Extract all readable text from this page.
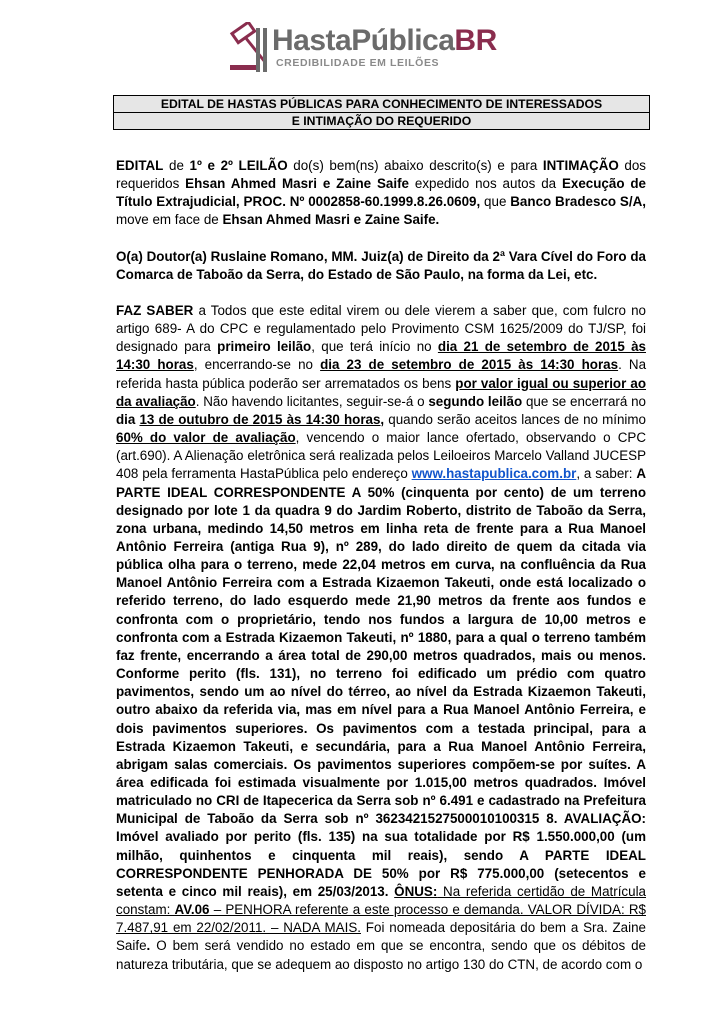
HastaPúblicaBR
CREDIBILIDADE EM LEILÕES
EDITAL DE HASTAS PÚBLICAS PARA CONHECIMENTO DE INTERESSADOS
E INTIMAÇÃO DO REQUERIDO

EDITAL de 1º e 2º LEILÃO do(s) bem(ns) abaixo descrito(s) e para INTIMAÇÃO dos requeridos Ehsan Ahmed Masri e Zaine Saife expedido nos autos da Execução de Título Extrajudicial, PROC. Nº 0002858-60.1999.8.26.0609, que Banco Bradesco S/A, move em face de Ehsan Ahmed Masri e Zaine Saife.

O(a) Doutor(a) Ruslaine Romano, MM. Juiz(a) de Direito da 2ª Vara Cível do Foro da Comarca de Taboão da Serra, do Estado de São Paulo, na forma da Lei, etc.

FAZ SABER a Todos que este edital virem ou dele vierem a saber que, com fulcro no artigo 689- A do CPC e regulamentado pelo Provimento CSM 1625/2009 do TJ/SP, foi designado para primeiro leilão, que terá início no dia 21 de setembro de 2015 às 14:30 horas, encerrando-se no dia 23 de setembro de 2015 às 14:30 horas. Na referida hasta pública poderão ser arrematados os bens por valor igual ou superior ao da avaliação. Não havendo licitantes, seguir-se-á o segundo leilão que se encerrará no dia 13 de outubro de 2015 às 14:30 horas, quando serão aceitos lances de no mínimo 60% do valor de avaliação, vencendo o maior lance ofertado, observando o CPC (art.690). A Alienação eletrônica será realizada pelos Leiloeiros Marcelo Valland JUCESP 408 pela ferramenta HastaPública pelo endereço www.hastapublica.com.br, a saber: A PARTE IDEAL CORRESPONDENTE A 50% (cinquenta por cento) de um terreno designado por lote 1 da quadra 9 do Jardim Roberto, distrito de Taboão da Serra, zona urbana, medindo 14,50 metros em linha reta de frente para a Rua Manoel Antônio Ferreira (antiga Rua 9), nº 289, do lado direito de quem da citada via pública olha para o terreno, mede 22,04 metros em curva, na confluência da Rua Manoel Antônio Ferreira com a Estrada Kizaemon Takeuti, onde está localizado o referido terreno, do lado esquerdo mede 21,90 metros da frente aos fundos e confronta com o proprietário, tendo nos fundos a largura de 10,00 metros e confronta com a Estrada Kizaemon Takeuti, nº 1880, para a qual o terreno também faz frente, encerrando a área total de 290,00 metros quadrados, mais ou menos. Conforme perito (fls. 131), no terreno foi edificado um prédio com quatro pavimentos, sendo um ao nível do térreo, ao nível da Estrada Kizaemon Takeuti, outro abaixo da referida via, mas em nível para a Rua Manoel Antônio Ferreira, e dois pavimentos superiores. Os pavimentos com a testada principal, para a Estrada Kizaemon Takeuti, e secundária, para a Rua Manoel Antônio Ferreira, abrigam salas comerciais. Os pavimentos superiores compõem-se por suítes. A área edificada foi estimada visualmente por 1.015,00 metros quadrados. Imóvel matriculado no CRI de Itapecerica da Serra sob nº 6.491 e cadastrado na Prefeitura Municipal de Taboão da Serra sob nº 3623421527500010100315 8. AVALIAÇÃO: Imóvel avaliado por perito (fls. 135) na sua totalidade por R$ 1.550.000,00 (um milhão, quinhentos e cinquenta mil reais), sendo A PARTE IDEAL CORRESPONDENTE PENHORADA DE 50% por R$ 775.000,00 (setecentos e setenta e cinco mil reais), em 25/03/2013. ÔNUS: Na referida certidão de Matrícula constam: AV.06 – PENHORA referente a este processo e demanda. VALOR DÍVIDA: R$ 7.487,91 em 22/02/2011. – NADA MAIS. Foi nomeada depositária do bem a Sra. Zaine Saife. O bem será vendido no estado em que se encontra, sendo que os débitos de natureza tributária, que se adequem ao disposto no artigo 130 do CTN, de acordo com o
